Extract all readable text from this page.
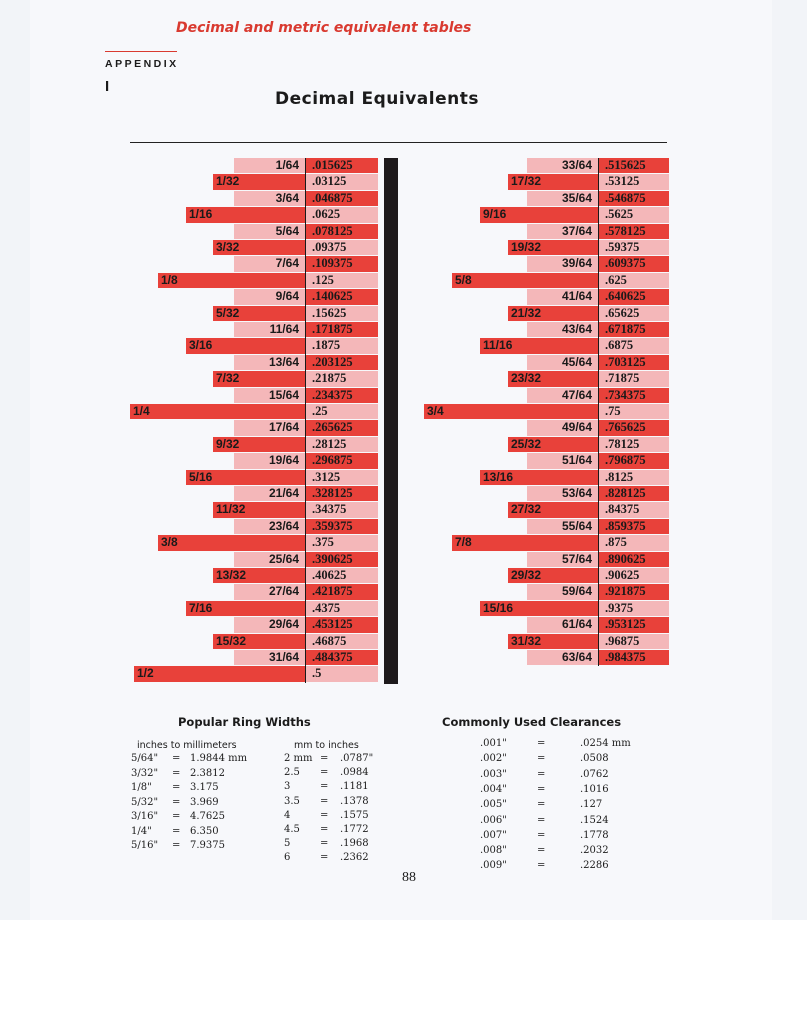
Decimal and metric equivalent tables
APPENDIX
I
Decimal Equivalents
1/64	.015625
1/32	.03125
3/64	.046875
1/16	.0625
5/64	.078125
3/32	.09375
7/64	.109375
1/8	.125
9/64	.140625
5/32	.15625
11/64	.171875
3/16	.1875
13/64	.203125
7/32	.21875
15/64	.234375
1/4	.25
17/64	.265625
9/32	.28125
19/64	.296875
5/16	.3125
21/64	.328125
11/32	.34375
23/64	.359375
3/8	.375
25/64	.390625
13/32	.40625
27/64	.421875
7/16	.4375
29/64	.453125
15/32	.46875
31/64	.484375
1/2	.5
33/64	.515625
17/32	.53125
35/64	.546875
9/16	.5625
37/64	.578125
19/32	.59375
39/64	.609375
5/8	.625
41/64	.640625
21/32	.65625
43/64	.671875
11/16	.6875
45/64	.703125
23/32	.71875
47/64	.734375
3/4	.75
49/64	.765625
25/32	.78125
51/64	.796875
13/16	.8125
53/64	.828125
27/32	.84375
55/64	.859375
7/8	.875
57/64	.890625
29/32	.90625
59/64	.921875
15/16	.9375
61/64	.953125
31/32	.96875
63/64	.984375
Popular Ring Widths	Commonly Used Clearances
inches to millimeters	mm to inches
5/64" = 1.9844 mm
3/32" = 2.3812
1/8" = 3.175
5/32" = 3.969
3/16" = 4.7625
1/4" = 6.350
5/16" = 7.9375
2 mm = .0787"
2.5 = .0984
3	= .1181
3.5 = .1378
4	= .1575
4.5 = .1772
5	= .1968
6	= .2362
.001"	=	.0254 mm
.002"	=	.0508
.003"	=	.0762
.004"	=	.1016
.005"	=	.127
.006"	=	.1524
.007"	=	.1778
.008"	=	.2032
.009"	=	.2286
88
